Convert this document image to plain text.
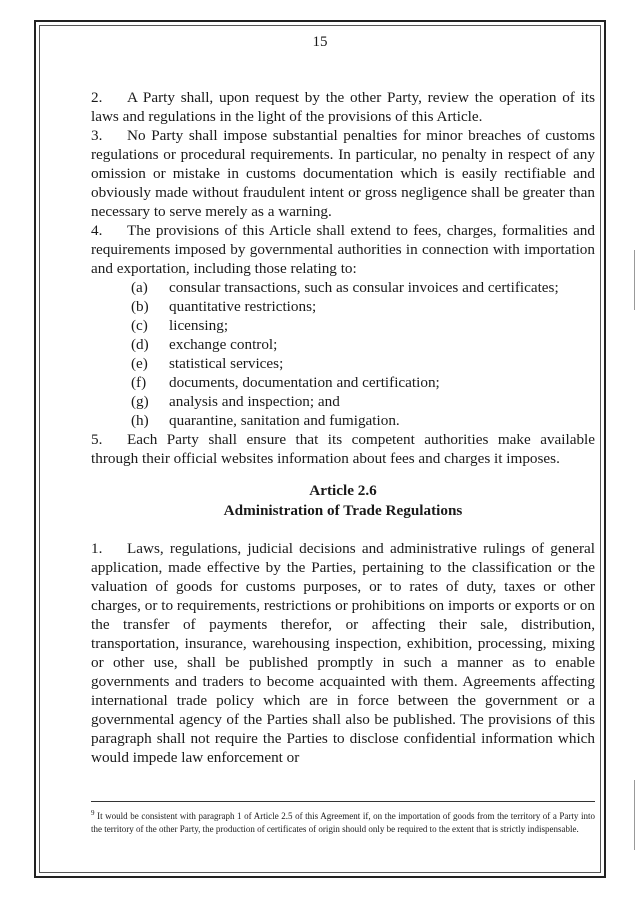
15

2. A Party shall, upon request by the other Party, review the operation of its laws and regulations in the light of the provisions of this Article.

3. No Party shall impose substantial penalties for minor breaches of customs regulations or procedural requirements. In particular, no penalty in respect of any omission or mistake in customs documentation which is easily rectifiable and obviously made without fraudulent intent or gross negligence shall be greater than necessary to serve merely as a warning.

4. The provisions of this Article shall extend to fees, charges, formalities and requirements imposed by governmental authorities in connection with importation and exportation, including those relating to:

(a)	consular transactions, such as consular invoices and certificates;
(b)	quantitative restrictions;
(c)	licensing;
(d)	exchange control;
(e)	statistical services;
(f)	documents, documentation and certification;
(g)	analysis and inspection; and
(h)	quarantine, sanitation and fumigation.

5. Each Party shall ensure that its competent authorities make available through their official websites information about fees and charges it imposes.

Article 2.6
Administration of Trade Regulations

1. Laws, regulations, judicial decisions and administrative rulings of general application, made effective by the Parties, pertaining to the classification or the valuation of goods for customs purposes, or to rates of duty, taxes or other charges, or to requirements, restrictions or prohibitions on imports or exports or on the transfer of payments therefor, or affecting their sale, distribution, transportation, insurance, warehousing inspection, exhibition, processing, mixing or other use, shall be published promptly in such a manner as to enable governments and traders to become acquainted with them. Agreements affecting international trade policy which are in force between the government or a governmental agency of the Parties shall also be published. The provisions of this paragraph shall not require the Parties to disclose confidential information which would impede law enforcement or

$^9$ It would be consistent with paragraph 1 of Article 2.5 of this Agreement if, on the importation of goods from the territory of a Party into the territory of the other Party, the production of certificates of origin should only be required to the extent that is strictly indispensable.
